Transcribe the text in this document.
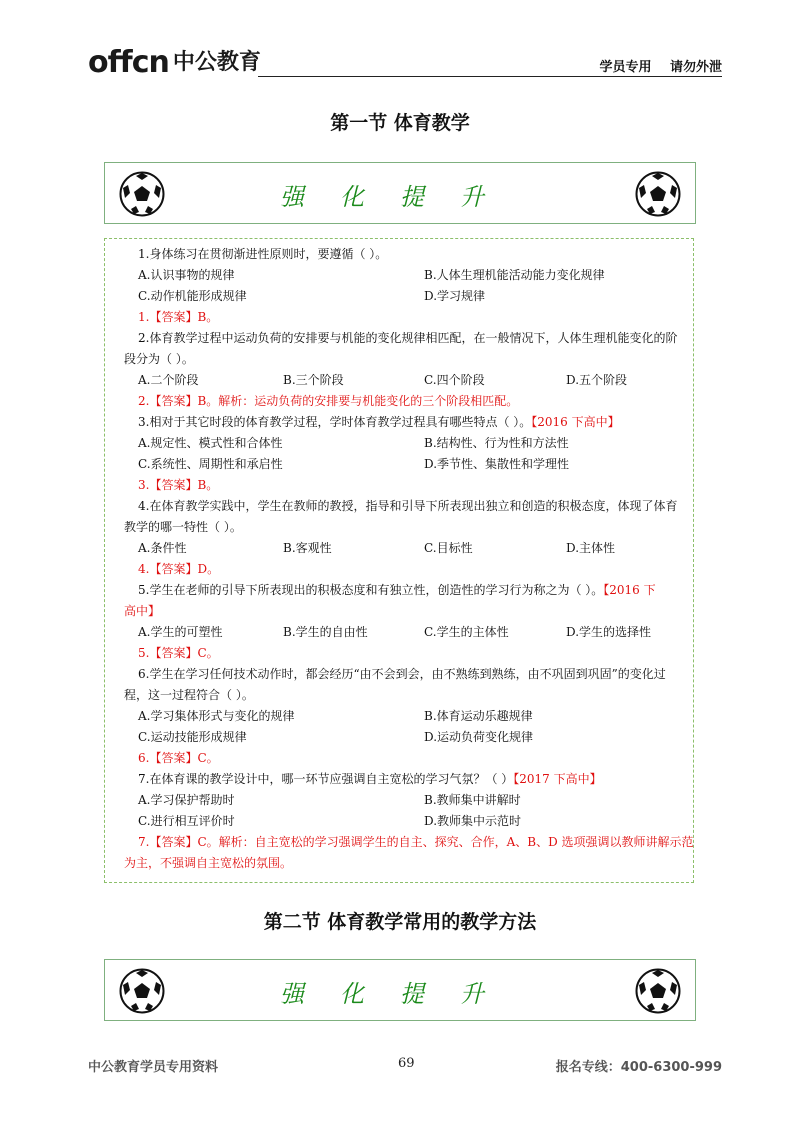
offcn 中公教育	学员专用 请勿外泄
第一节 体育教学
强化提升
1.身体练习在贯彻渐进性原则时，要遵循（ ）。
A.认识事物的规律	B.人体生理机能活动能力变化规律
C.动作机能形成规律	D.学习规律
1.【答案】B。
2.体育教学过程中运动负荷的安排要与机能的变化规律相匹配，在一般情况下，人体生理机能变化的阶
段分为（ ）。
A.二个阶段	B.三个阶段	C.四个阶段	D.五个阶段
2.【答案】B。解析：运动负荷的安排要与机能变化的三个阶段相匹配。
3.相对于其它时段的体育教学过程，学时体育教学过程具有哪些特点（ ）。【2016 下高中】
A.规定性、模式性和合体性	B.结构性、行为性和方法性
C.系统性、周期性和承启性	D.季节性、集散性和学理性
3.【答案】B。
4.在体育教学实践中，学生在教师的教授，指导和引导下所表现出独立和创造的积极态度，体现了体育
教学的哪一特性（ ）。
A.条件性	B.客观性	C.目标性	D.主体性
4.【答案】D。
5.学生在老师的引导下所表现出的积极态度和有独立性，创造性的学习行为称之为（ ）。【2016 下
高中】
A.学生的可塑性	B.学生的自由性	C.学生的主体性	D.学生的选择性
5.【答案】C。
6.学生在学习任何技术动作时，都会经历“由不会到会，由不熟练到熟练，由不巩固到巩固”的变化过
程，这一过程符合（ ）。
A.学习集体形式与变化的规律	B.体育运动乐趣规律
C.运动技能形成规律	D.运动负荷变化规律
6.【答案】C。
7.在体育课的教学设计中，哪一环节应强调自主宽松的学习气氛？（ ）【2017 下高中】
A.学习保护帮助时	B.教师集中讲解时
C.进行相互评价时	D.教师集中示范时
7.【答案】C。解析：自主宽松的学习强调学生的自主、探究、合作，A、B、D 选项强调以教师讲解示范
为主，不强调自主宽松的氛围。
第二节 体育教学常用的教学方法
强化提升
中公教育学员专用资料	69	报名专线：400-6300-999
